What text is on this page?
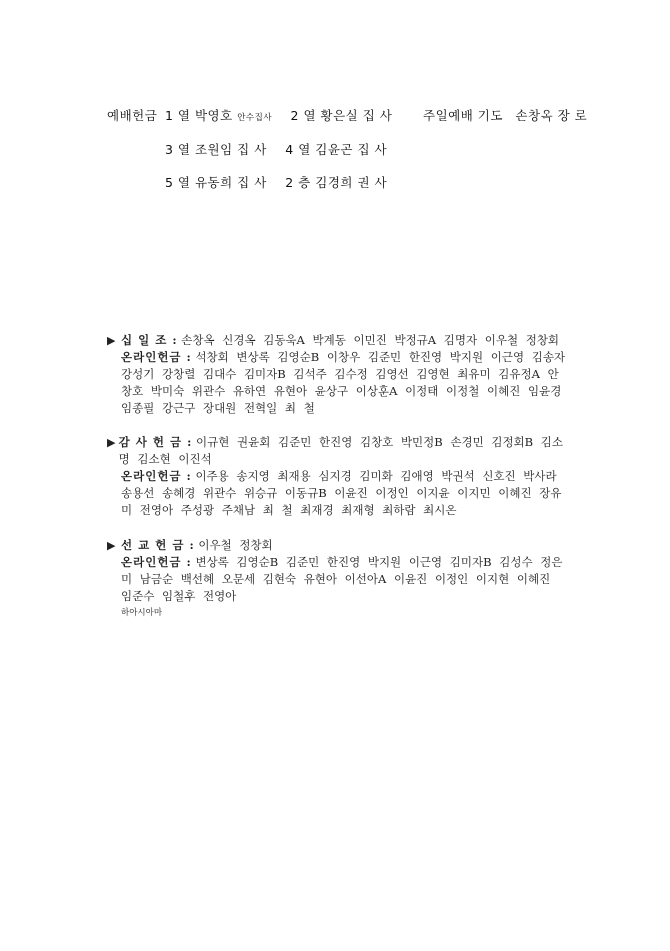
예배헌금 1 열 박영호 안수집사 2 열 황은실 집 사
3 열 조원임 집 사 4 열 김윤곤 집 사
5 열 유동희 집 사 2 층 김경희 권 사
주일예배 기도 손창옥 장 로
▶ 십 일 조 : 손창옥 신경옥 김동욱A 박계동 이민진 박정규A 김명자 이우철 정창회
온라인헌금 : 석창회 변상록 김영순B 이창우 김준민 한진영 박지원 이근영 김송자 강성기 강창렬 김대수 김미자B 김석주 김수정 김영선 김영현 최유미 김유정A 안창호 박미숙 위관수 유하연 유현아 윤상구 이상훈A 이정태 이정철 이혜진 임윤경 임종필 강근구 장대원 전혁일 최 철
▶ 감 사 헌 금 : 이규현 권윤회 김준민 한진영 김창호 박민정B 손경민 김정회B 김소명 김소현 이진석
온라인헌금 : 이주용 송지영 최재용 심지경 김미화 김애영 박권석 신호진 박사라 송용선 송혜경 위관수 위승규 이동규B 이윤진 이정인 이지윤 이지민 이혜진 장유미 전영아 주성광 주채남 최 철 최재경 최재형 최하람 최시온
▶ 선 교 헌 금 : 이우철 정창회
온라인헌금 : 변상록 김영순B 김준민 한진영 박지원 이근영 김미자B 김성수 정은미 남금순 백선혜 오문세 김현숙 유현아 이선아A 이윤진 이정인 이지현 이혜진 임준수 임철후 전영아
하아시아마
